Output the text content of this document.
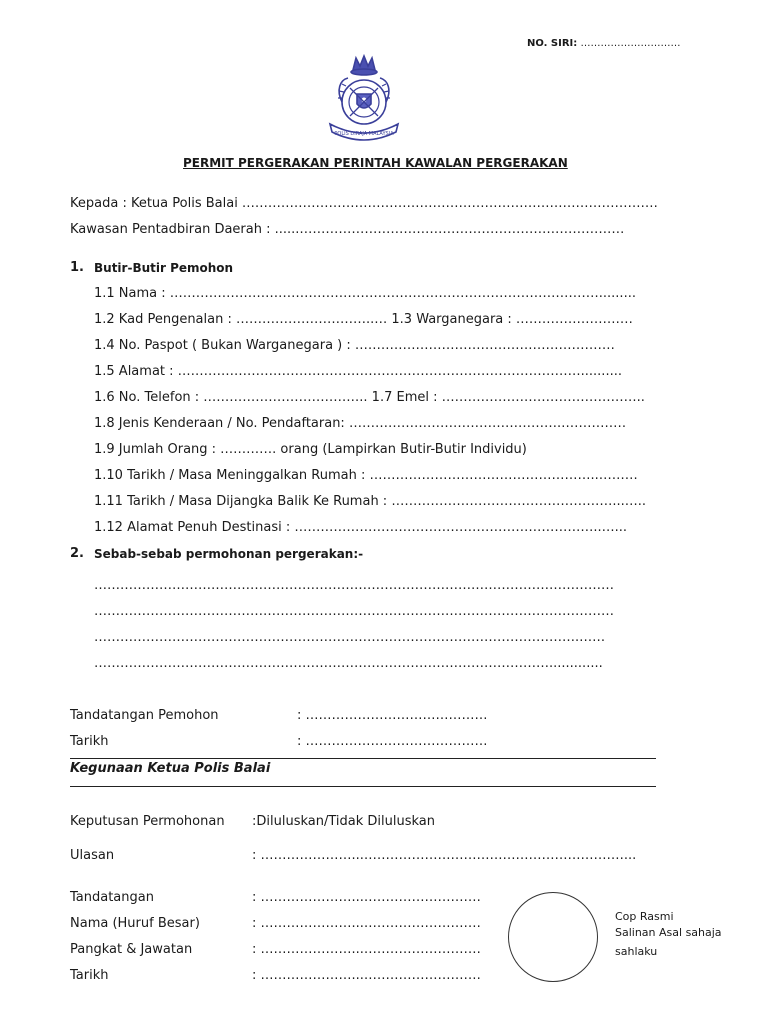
NO. SIRI: …………………………
POLIS DIRAJA MALAYSIA
PERMIT PERGERAKAN PERINTAH KAWALAN PERGERAKAN
Kepada : Ketua Polis Balai ……………………………………………………………………………………
Kawasan Pentadbiran Daerah : ......…………………………………………………………………
1. Butir-Butir Pemohon
1.1 Nama : ……………………………………………………………………………………….........
1.2 Kad Pengenalan : …………………………..… 1.3 Warganegara : ………………………
1.4 No. Paspot ( Bukan Warganegara ) : ……………………………………………………
1.5 Alamat : …………………………………………………………………………………..........
1.6 No. Telefon : ……………………………….. 1.7 Emel : ………………………………………..
1.8 Jenis Kenderaan / No. Pendaftaran: ………………………………………….……………
1.9 Jumlah Orang : …………. orang (Lampirkan Butir-Butir Individu)
1.10 Tarikh / Masa Meninggalkan Rumah : ……………………………………………..………
1.11 Tarikh / Masa Dijangka Balik Ke Rumah : ……………………………………………...…..
1.12 Alamat Penuh Destinasi : ……………………………………………………………..…...
2. Sebab-sebab permohonan pergerakan:-
…………………………………………………………………………………………………………
…………………………………………………………………………………………………………
………………………………………………………………………………………………….……
…………………………………………………………………………………………….............
Tandatangan Pemohon	: ……………………………………
Tarikh	: ……………………………………
Kegunaan Ketua Polis Balai
Keputusan Permohonan :Diluluskan/Tidak Diluluskan
Ulasan	: …………………...……………………………………………………...
Tandatangan	: …………………...………………………
Nama (Huruf Besar)	: …………………...………………………
Pangkat & Jawatan	: …………………...………………………
Tarikh	: …………………...………………………
Cop Rasmi
Salinan Asal sahaja
sahlaku
